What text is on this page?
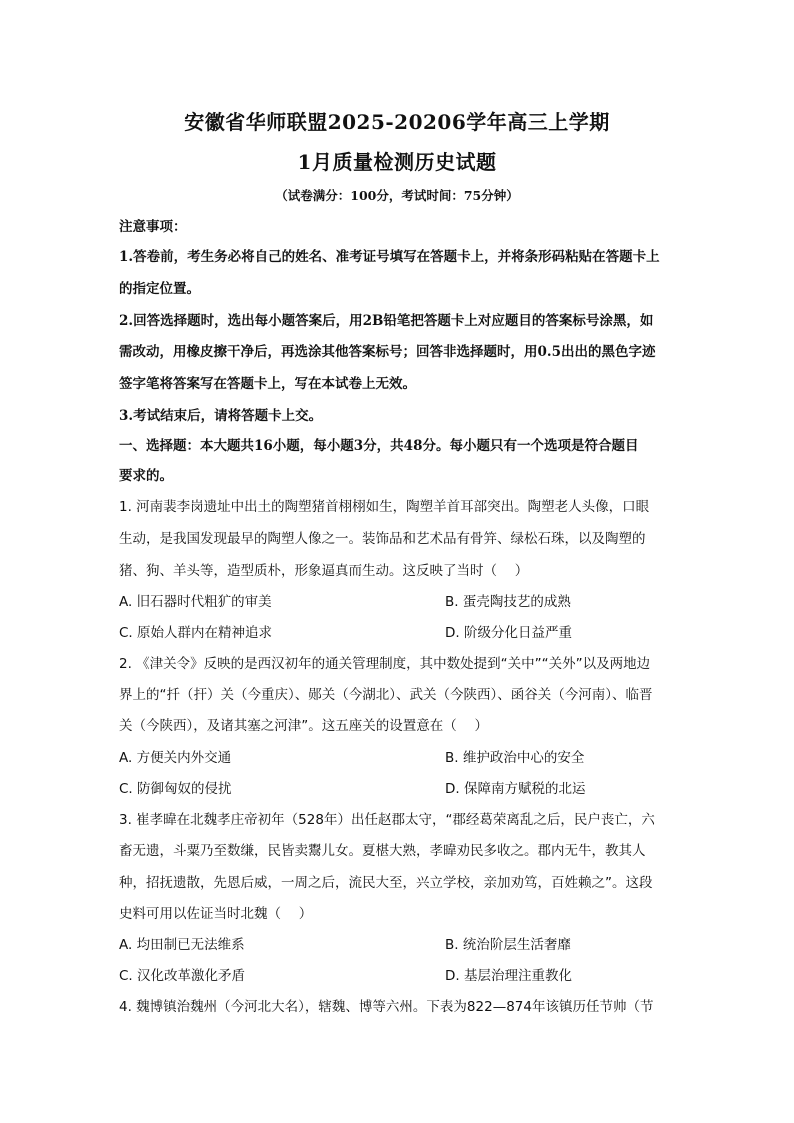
安徽省华师联盟2025-20206学年高三上学期
1月质量检测历史试题
（试卷满分：100分，考试时间：75分钟）
注意事项：
1.答卷前，考生务必将自己的姓名、准考证号填写在答题卡上，并将条形码粘贴在答题卡上
的指定位置。
2.回答选择题时，选出每小题答案后，用2B铅笔把答题卡上对应题目的答案标号涂黑，如
需改动，用橡皮擦干净后，再选涂其他答案标号；回答非选择题时，用0.5出出的黑色字迹
签字笔将答案写在答题卡上，写在本试卷上无效。
3.考试结束后，请将答题卡上交。
一、选择题：本大题共16小题，每小题3分，共48分。每小题只有一个选项是符合题目
要求的。
1. 河南裴李岗遗址中出土的陶塑猪首栩栩如生，陶塑羊首耳部突出。陶塑老人头像，口眼
生动，是我国发现最早的陶塑人像之一。装饰品和艺术品有骨笄、绿松石珠，以及陶塑的
猪、狗、羊头等，造型质朴，形象逼真而生动。这反映了当时（　 ）
A. 旧石器时代粗犷的审美	B. 蛋壳陶技艺的成熟
C. 原始人群内在精神追求	D. 阶级分化日益严重
2. 《津关令》反映的是西汉初年的通关管理制度，其中数处提到“关中”“关外”以及两地边
界上的“扦（扞）关（今重庆）、郧关（今湖北）、武关（今陕西）、函谷关（今河南）、临晋
关（今陕西），及诸其塞之河津”。这五座关的设置意在（　 ）
A. 方便关内外交通	B. 维护政治中心的安全
C. 防御匈奴的侵扰	D. 保障南方赋税的北运
3. 崔孝暐在北魏孝庄帝初年（528年）出任赵郡太守，“郡经葛荣离乱之后，民户丧亡，六
畜无遗，斗粟乃至数缣，民皆卖鬻儿女。夏椹大熟，孝暐劝民多收之。郡内无牛，教其人
种，招抚遗散，先恩后威，一周之后，流民大至，兴立学校，亲加劝笃，百姓赖之”。这段
史料可用以佐证当时北魏（　 ）
A. 均田制已无法维系	B. 统治阶层生活奢靡
C. 汉化改革激化矛盾	D. 基层治理注重教化
4. 魏博镇治魏州（今河北大名），辖魏、博等六州。下表为822—874年该镇历任节帅（节
